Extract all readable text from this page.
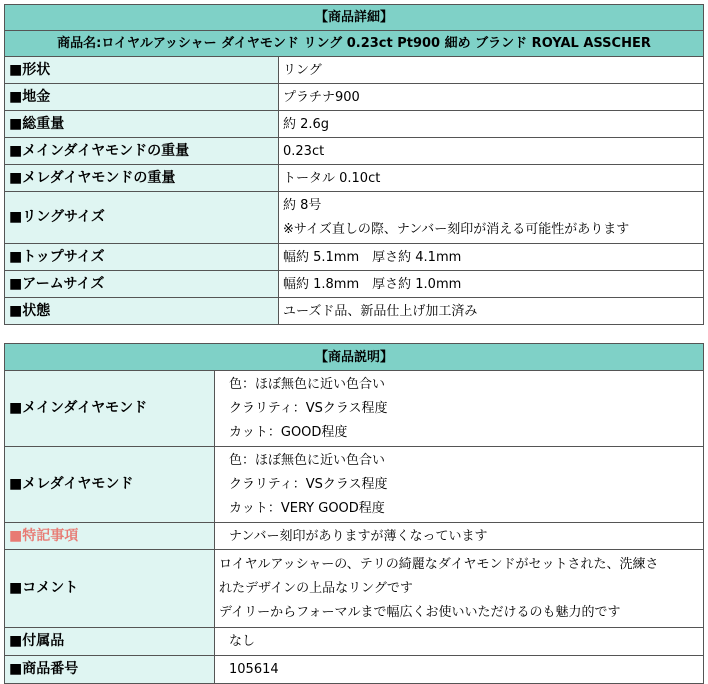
【商品詳細】	
商品名:ロイヤルアッシャー ダイヤモンド リング 0.23ct Pt900 細め ブランド ROYAL ASSCHER	
■形状	リング
■地金	プラチナ900
■総重量	約 2.6g
■メインダイヤモンドの重量	0.23ct
■メレダイヤモンドの重量	トータル 0.10ct
■リングサイズ	約 8号
※サイズ直しの際、ナンバー刻印が消える可能性があります

■トップサイズ	幅約 5.1mm　厚さ約 4.1mm
■アームサイズ	幅約 1.8mm　厚さ約 1.0mm
■状態	ユーズド品、新品仕上げ加工済み
【商品説明】	
■メインダイヤモンド	色：ほぼ無色に近い色合い
クラリティ：VSクラス程度
カット：GOOD程度

■メレダイヤモンド	色：ほぼ無色に近い色合い
クラリティ：VSクラス程度
カット：VERY GOOD程度

■特記事項	ナンバー刻印がありますが薄くなっています
■コメント	ロイヤルアッシャーの、テリの綺麗なダイヤモンドがセットされた、洗練さ
れたデザインの上品なリングです
デイリーからフォーマルまで幅広くお使いいただけるのも魅力的です

■付属品	なし
■商品番号	105614
